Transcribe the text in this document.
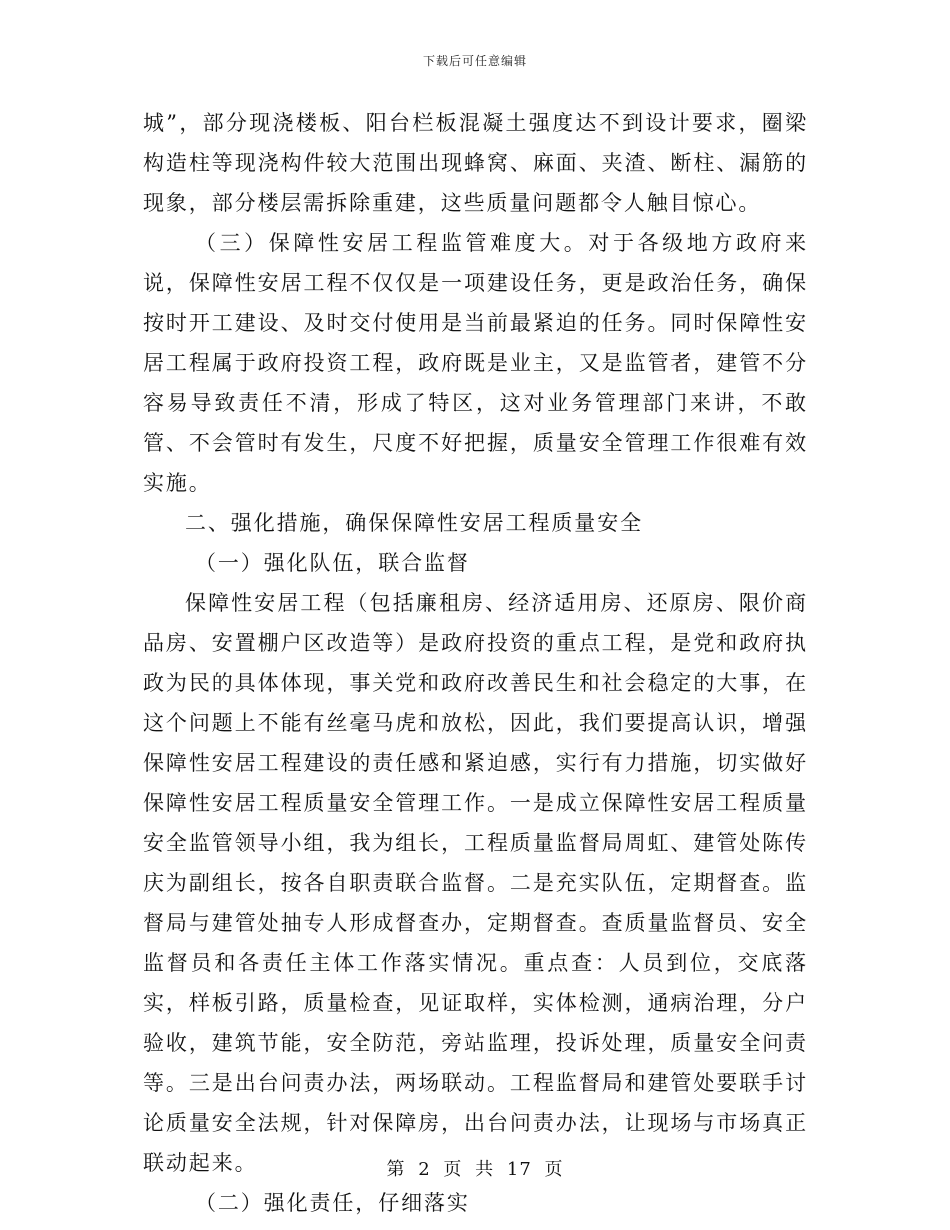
下载后可任意编辑

城”，部分现浇楼板、阳台栏板混凝土强度达不到设计要求，圈梁构造柱等现浇构件较大范围出现蜂窝、麻面、夹渣、断柱、漏筋的现象，部分楼层需拆除重建，这些质量问题都令人触目惊心。

（三）保障性安居工程监管难度大。对于各级地方政府来说，保障性安居工程不仅仅是一项建设任务，更是政治任务，确保按时开工建设、及时交付使用是当前最紧迫的任务。同时保障性安居工程属于政府投资工程，政府既是业主，又是监管者，建管不分容易导致责任不清，形成了特区，这对业务管理部门来讲，不敢管、不会管时有发生，尺度不好把握，质量安全管理工作很难有效实施。

二、强化措施，确保保障性安居工程质量安全

（一）强化队伍，联合监督

保障性安居工程（包括廉租房、经济适用房、还原房、限价商品房、安置棚户区改造等）是政府投资的重点工程，是党和政府执政为民的具体体现，事关党和政府改善民生和社会稳定的大事，在这个问题上不能有丝毫马虎和放松，因此，我们要提高认识，增强保障性安居工程建设的责任感和紧迫感，实行有力措施，切实做好保障性安居工程质量安全管理工作。一是成立保障性安居工程质量安全监管领导小组，我为组长，工程质量监督局周虹、建管处陈传庆为副组长，按各自职责联合监督。二是充实队伍，定期督查。监督局与建管处抽专人形成督查办，定期督查。查质量监督员、安全监督员和各责任主体工作落实情况。重点查：人员到位，交底落实，样板引路，质量检查，见证取样，实体检测，通病治理，分户验收，建筑节能，安全防范，旁站监理，投诉处理，质量安全问责等。三是出台问责办法，两场联动。工程监督局和建管处要联手讨论质量安全法规，针对保障房，出台问责办法，让现场与市场真正联动起来。

（二）强化责任，仔细落实

第 2 页 共 17 页
